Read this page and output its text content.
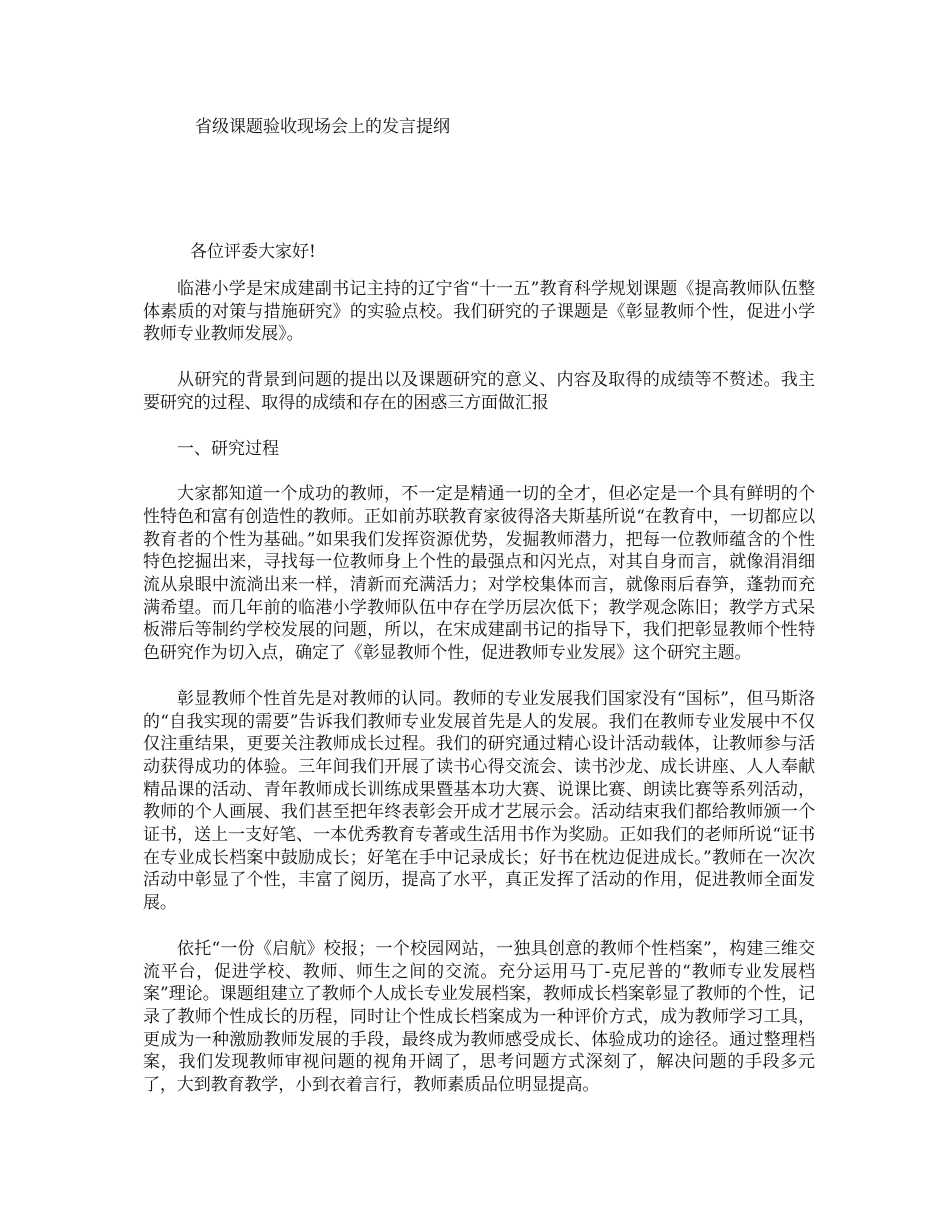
省级课题验收现场会上的发言提纲
各位评委大家好!

临港小学是宋成建副书记主持的辽宁省“十一五”教育科学规划课题《提高教师队伍整体素质的对策与措施研究》的实验点校。我们研究的子课题是《彰显教师个性，促进小学教师专业教师发展》。

从研究的背景到问题的提出以及课题研究的意义、内容及取得的成绩等不赘述。我主要研究的过程、取得的成绩和存在的困惑三方面做汇报

一、研究过程

大家都知道一个成功的教师，不一定是精通一切的全才，但必定是一个具有鲜明的个性特色和富有创造性的教师。正如前苏联教育家彼得洛夫斯基所说“在教育中，一切都应以教育者的个性为基础。”如果我们发挥资源优势，发掘教师潜力，把每一位教师蕴含的个性特色挖掘出来，寻找每一位教师身上个性的最强点和闪光点，对其自身而言，就像涓涓细流从泉眼中流淌出来一样，清新而充满活力；对学校集体而言，就像雨后春笋，蓬勃而充满希望。而几年前的临港小学教师队伍中存在学历层次低下；教学观念陈旧；教学方式呆板滞后等制约学校发展的问题，所以，在宋成建副书记的指导下，我们把彰显教师个性特色研究作为切入点，确定了《彰显教师个性，促进教师专业发展》这个研究主题。

彰显教师个性首先是对教师的认同。教师的专业发展我们国家没有“国标”，但马斯洛的“自我实现的需要”告诉我们教师专业发展首先是人的发展。我们在教师专业发展中不仅仅注重结果，更要关注教师成长过程。我们的研究通过精心设计活动载体，让教师参与活动获得成功的体验。三年间我们开展了读书心得交流会、读书沙龙、成长讲座、人人奉献精品课的活动、青年教师成长训练成果暨基本功大赛、说课比赛、朗读比赛等系列活动，教师的个人画展、我们甚至把年终表彰会开成才艺展示会。活动结束我们都给教师颁一个证书，送上一支好笔、一本优秀教育专著或生活用书作为奖励。正如我们的老师所说“证书在专业成长档案中鼓励成长；好笔在手中记录成长；好书在枕边促进成长。”教师在一次次活动中彰显了个性，丰富了阅历，提高了水平，真正发挥了活动的作用，促进教师全面发展。

依托“一份《启航》校报；一个校园网站，一独具创意的教师个性档案”，构建三维交流平台，促进学校、教师、师生之间的交流。充分运用马丁-克尼普的“教师专业发展档案”理论。课题组建立了教师个人成长专业发展档案，教师成长档案彰显了教师的个性，记录了教师个性成长的历程，同时让个性成长档案成为一种评价方式，成为教师学习工具，更成为一种激励教师发展的手段，最终成为教师感受成长、体验成功的途径。通过整理档案，我们发现教师审视问题的视角开阔了，思考问题方式深刻了，解决问题的手段多元了，大到教育教学，小到衣着言行，教师素质品位明显提高。
